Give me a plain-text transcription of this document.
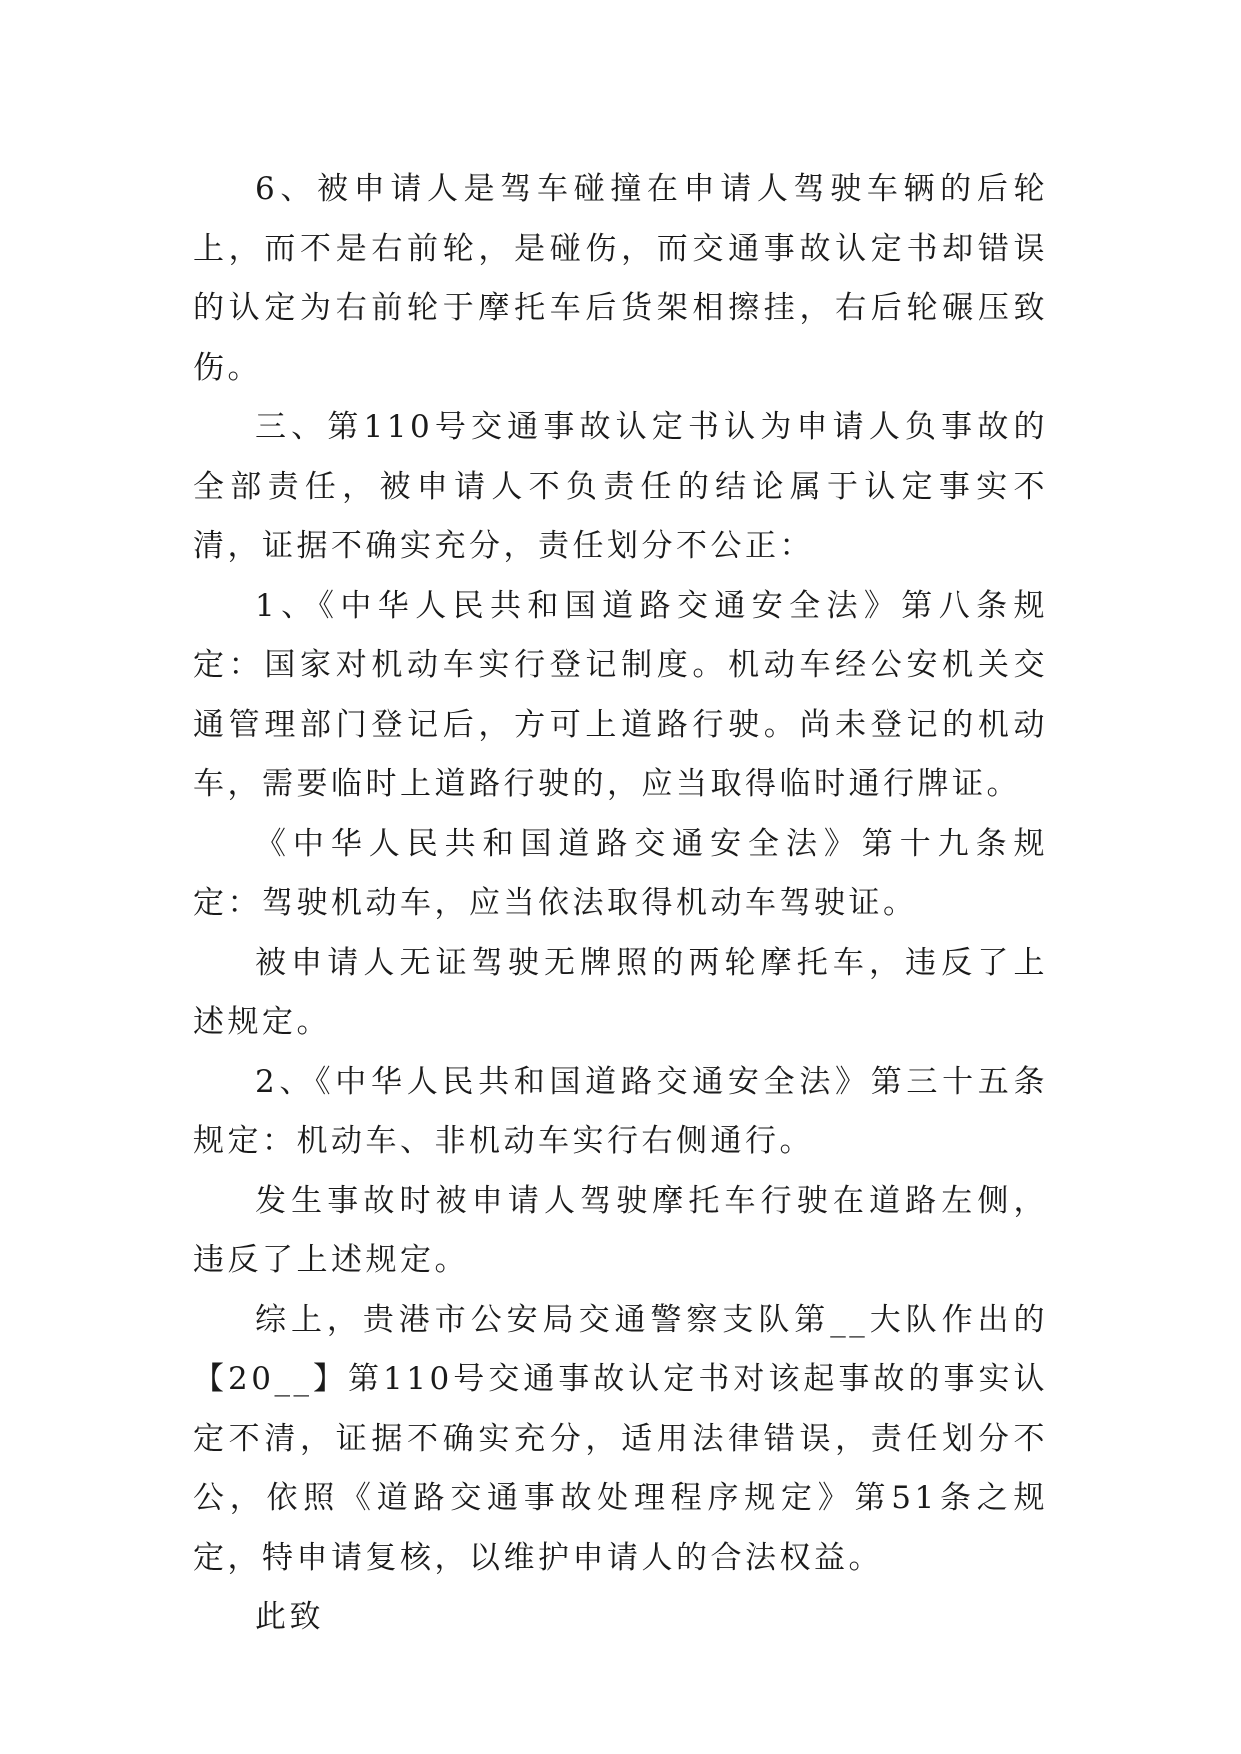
6、被申请人是驾车碰撞在申请人驾驶车辆的后轮上，而不是右前轮，是碰伤，而交通事故认定书却错误的认定为右前轮于摩托车后货架相擦挂，右后轮碾压致伤。

三、第110号交通事故认定书认为申请人负事故的全部责任，被申请人不负责任的结论属于认定事实不清，证据不确实充分，责任划分不公正：

1、《中华人民共和国道路交通安全法》第八条规定：国家对机动车实行登记制度。机动车经公安机关交通管理部门登记后，方可上道路行驶。尚未登记的机动车，需要临时上道路行驶的，应当取得临时通行牌证。

《中华人民共和国道路交通安全法》第十九条规定：驾驶机动车，应当依法取得机动车驾驶证。

被申请人无证驾驶无牌照的两轮摩托车，违反了上述规定。

2、《中华人民共和国道路交通安全法》第三十五条规定：机动车、非机动车实行右侧通行。

发生事故时被申请人驾驶摩托车行驶在道路左侧，违反了上述规定。

综上，贵港市公安局交通警察支队第__大队作出的【20__】第110号交通事故认定书对该起事故的事实认定不清，证据不确实充分，适用法律错误，责任划分不公，依照《道路交通事故处理程序规定》第51条之规定，特申请复核，以维护申请人的合法权益。

此致
